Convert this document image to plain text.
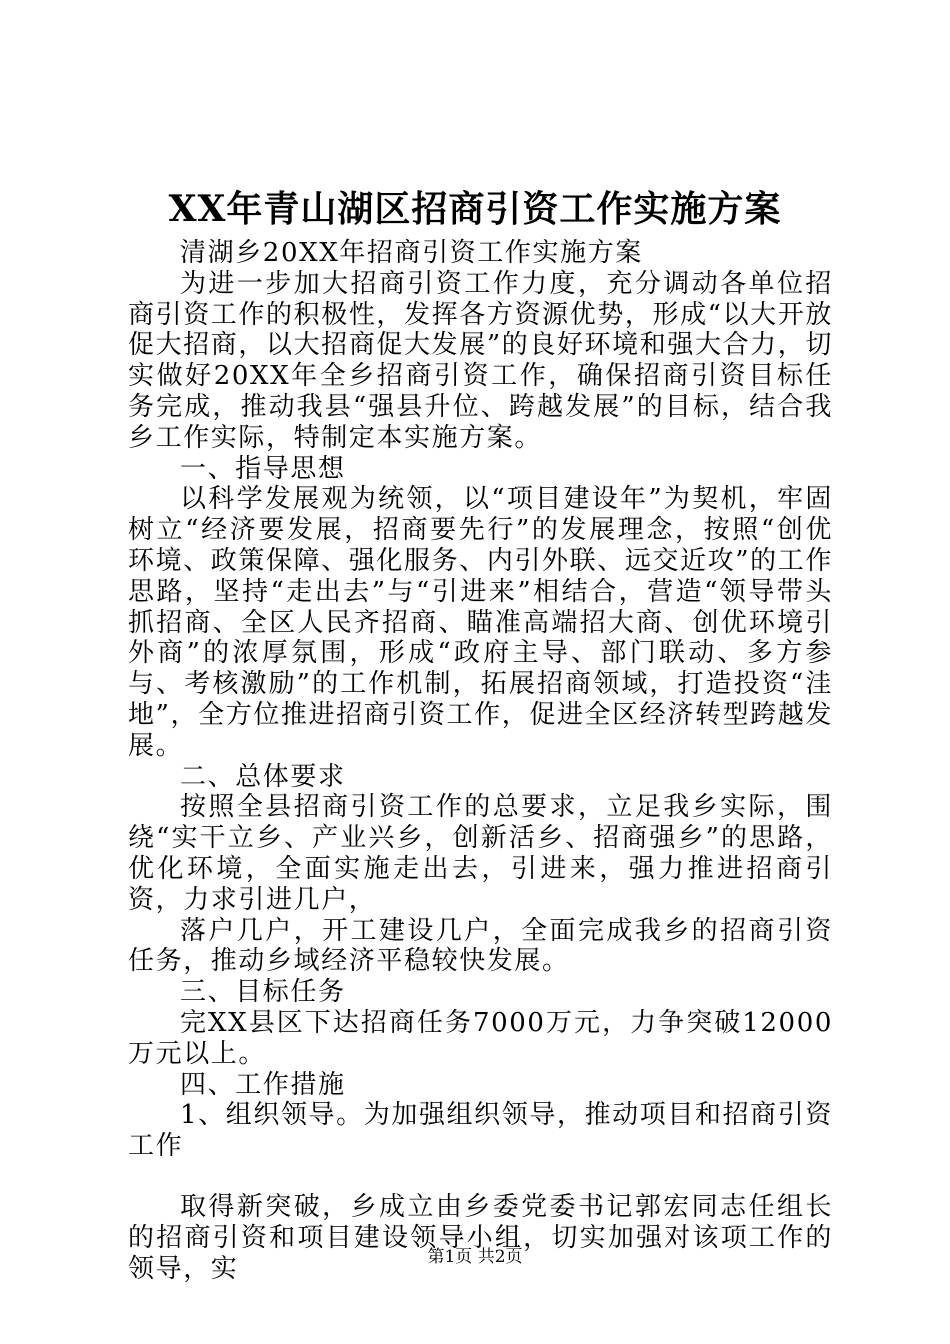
XX年青山湖区招商引资工作实施方案

清湖乡20XX年招商引资工作实施方案

为进一步加大招商引资工作力度，充分调动各单位招商引资工作的积极性，发挥各方资源优势，形成“以大开放促大招商，以大招商促大发展”的良好环境和强大合力，切实做好20XX年全乡招商引资工作，确保招商引资目标任务完成，推动我县“强县升位、跨越发展”的目标，结合我乡工作实际，特制定本实施方案。

一、指导思想

以科学发展观为统领，以“项目建设年”为契机，牢固树立“经济要发展，招商要先行”的发展理念，按照“创优环境、政策保障、强化服务、内引外联、远交近攻”的工作思路，坚持“走出去”与“引进来”相结合，营造“领导带头抓招商、全区人民齐招商、瞄准高端招大商、创优环境引外商”的浓厚氛围，形成“政府主导、部门联动、多方参与、考核激励”的工作机制，拓展招商领域，打造投资“洼地”，全方位推进招商引资工作，促进全区经济转型跨越发展。

二、总体要求

按照全县招商引资工作的总要求，立足我乡实际，围绕“实干立乡、产业兴乡，创新活乡、招商强乡”的思路，优化环境，全面实施走出去，引进来，强力推进招商引资，力求引进几户，

落户几户，开工建设几户，全面完成我乡的招商引资任务，推动乡域经济平稳较快发展。

三、目标任务

完XX县区下达招商任务7000万元，力争突破12000万元以上。

四、工作措施

1、组织领导。为加强组织领导，推动项目和招商引资工作

取得新突破，乡成立由乡委党委书记郭宏同志任组长的招商引资和项目建设领导小组，切实加强对该项工作的领导，实	第1页 共2页
